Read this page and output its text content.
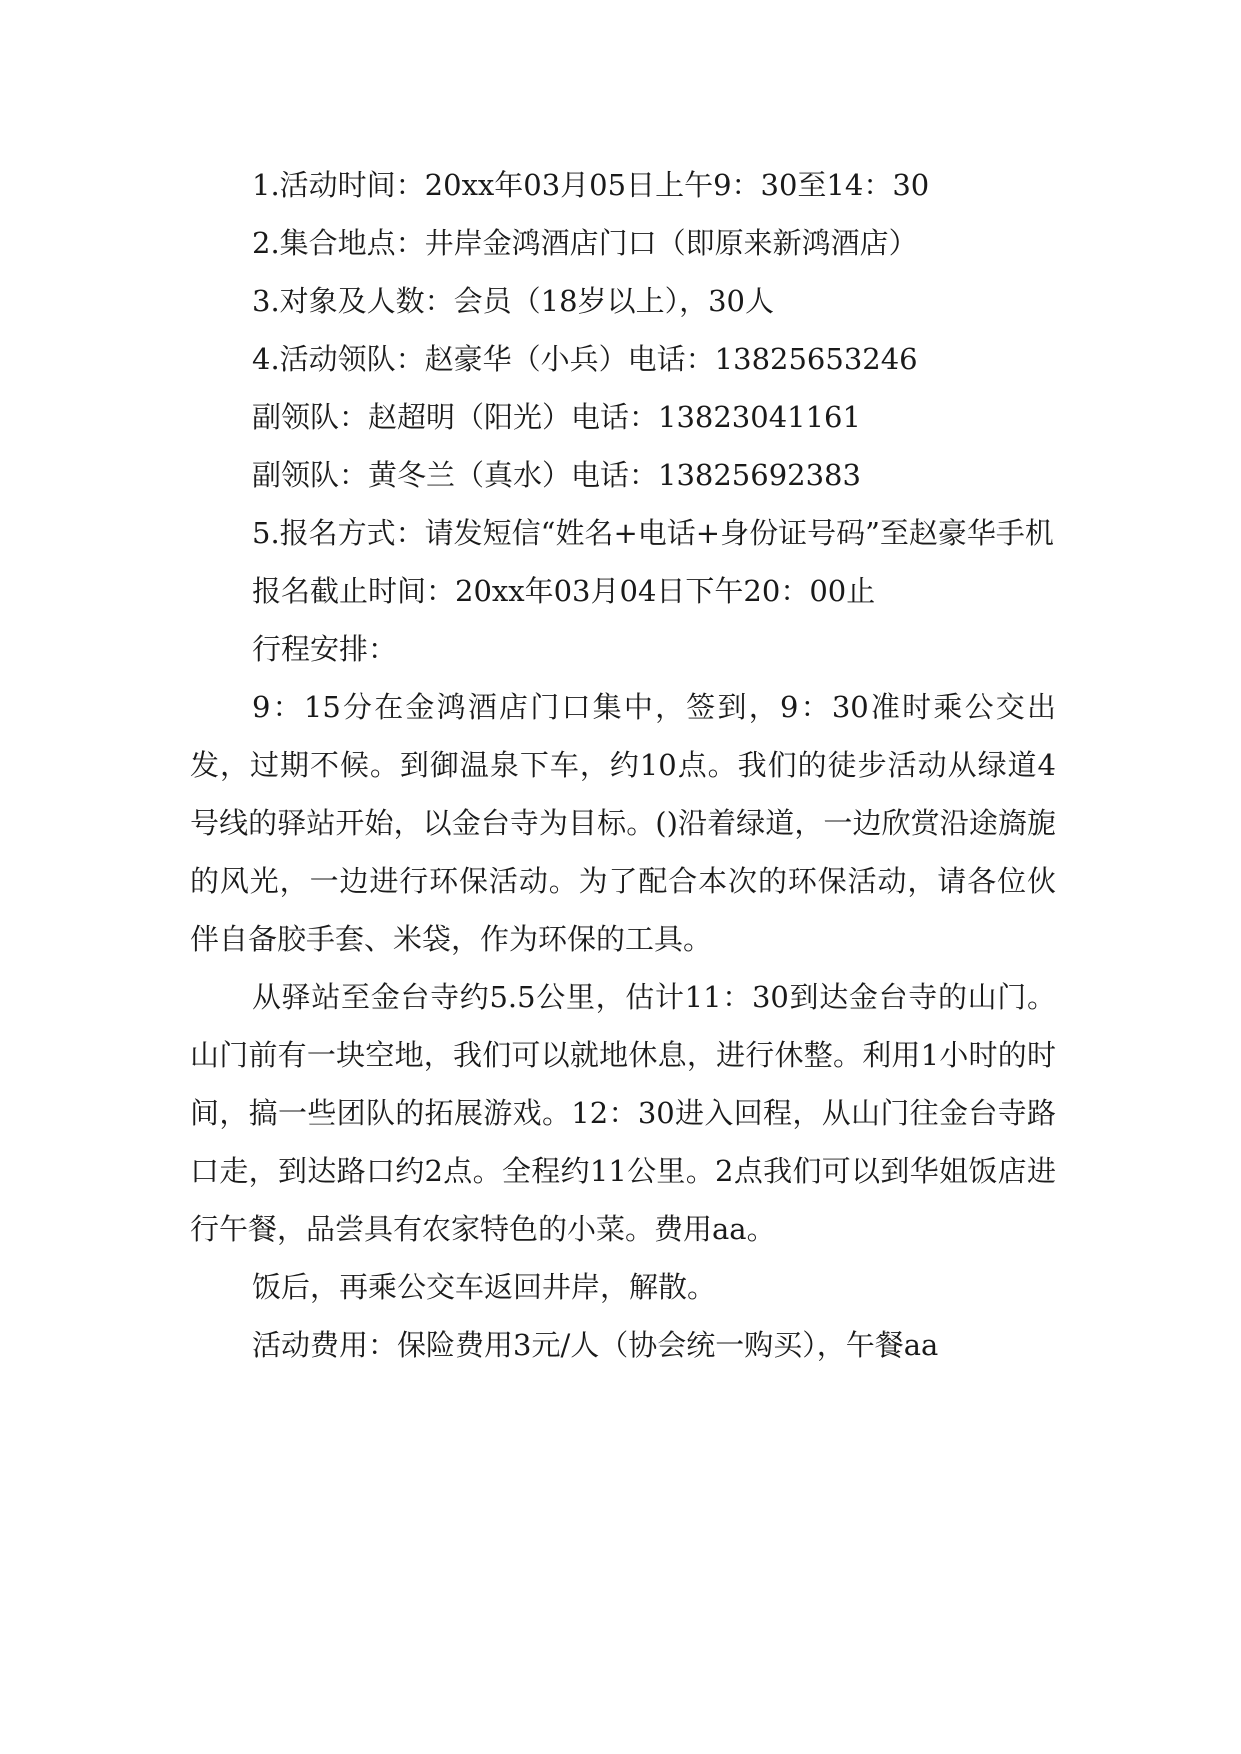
1.活动时间：20xx年03月05日上午9：30至14：30

2.集合地点：井岸金鸿酒店门口（即原来新鸿酒店）

3.对象及人数：会员（18岁以上），30人

4.活动领队：赵豪华（小兵）电话：13825653246

副领队：赵超明（阳光）电话：13823041161

副领队：黄冬兰（真水）电话：13825692383

5.报名方式：请发短信“姓名+电话+身份证号码”至赵豪华手机

报名截止时间：20xx年03月04日下午20：00止

行程安排：

9：15分在金鸿酒店门口集中，签到，9：30准时乘公交出发，过期不候。到御温泉下车，约10点。我们的徒步活动从绿道4号线的驿站开始，以金台寺为目标。()沿着绿道，一边欣赏沿途旖旎的风光，一边进行环保活动。为了配合本次的环保活动，请各位伙伴自备胶手套、米袋，作为环保的工具。

从驿站至金台寺约5.5公里，估计11：30到达金台寺的山门。山门前有一块空地，我们可以就地休息，进行休整。利用1小时的时间，搞一些团队的拓展游戏。12：30进入回程，从山门往金台寺路口走，到达路口约2点。全程约11公里。2点我们可以到华姐饭店进行午餐，品尝具有农家特色的小菜。费用aa。

饭后，再乘公交车返回井岸，解散。

活动费用：保险费用3元/人（协会统一购买），午餐aa
